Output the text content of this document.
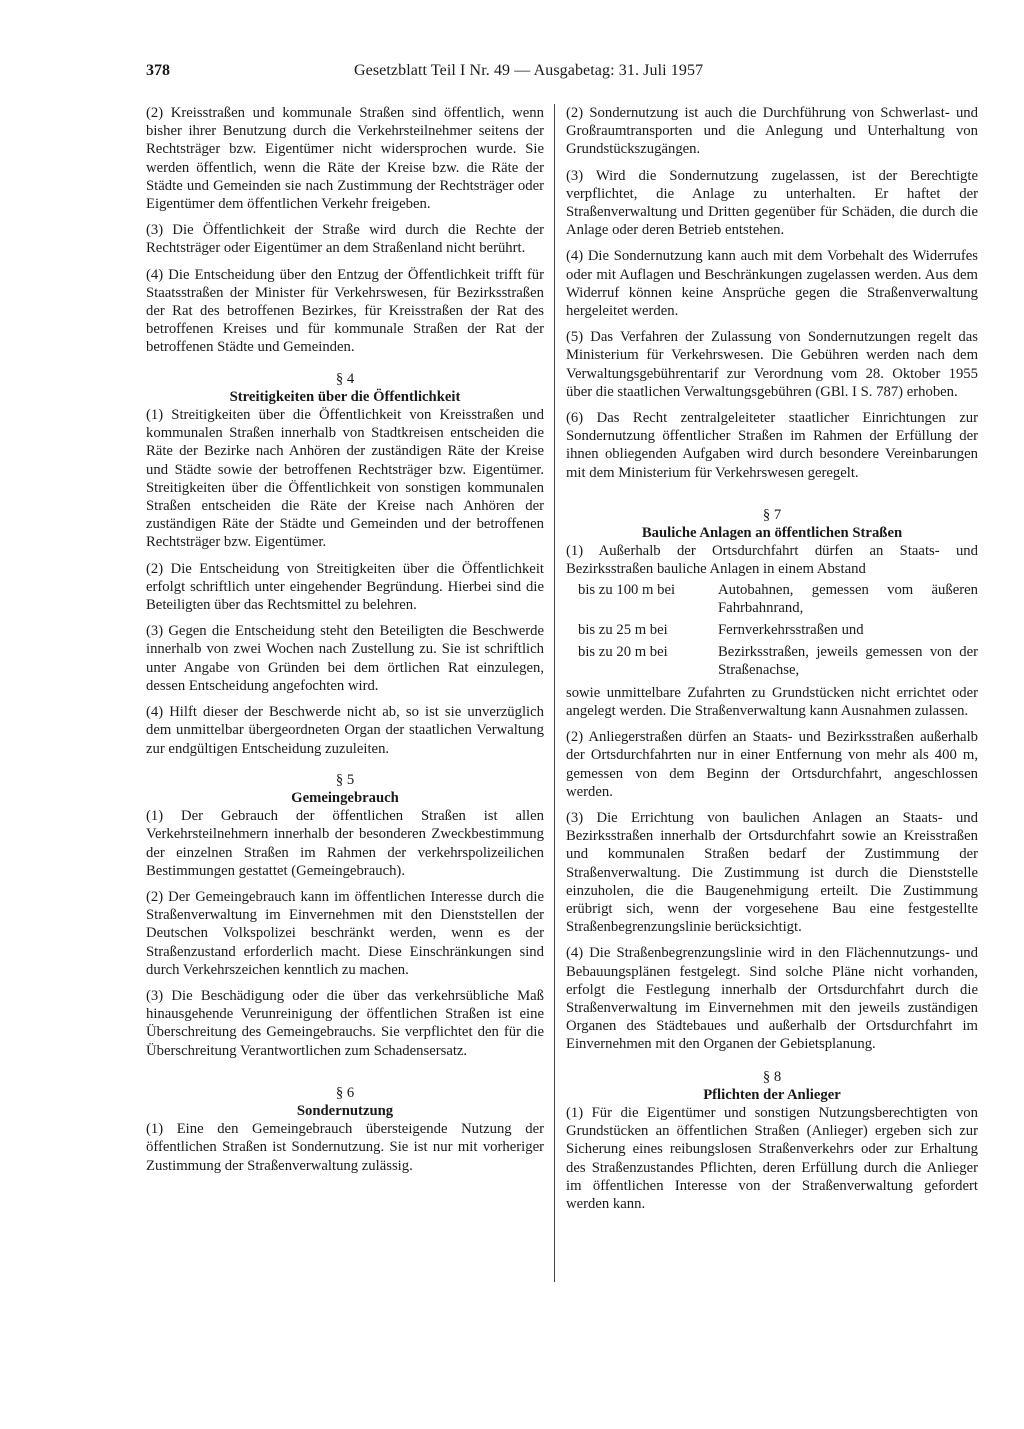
378	Gesetzblatt Teil I Nr. 49 — Ausgabetag: 31. Juli 1957

(2) Kreisstraßen und kommunale Straßen sind öffentlich, wenn bisher ihrer Benutzung durch die Verkehrsteilnehmer seitens der Rechtsträger bzw. Eigentümer nicht widersprochen wurde. Sie werden öffentlich, wenn die Räte der Kreise bzw. die Räte der Städte und Gemeinden sie nach Zustimmung der Rechtsträger oder Eigentümer dem öffentlichen Verkehr freigeben.

(3) Die Öffentlichkeit der Straße wird durch die Rechte der Rechtsträger oder Eigentümer an dem Straßenland nicht berührt.

(4) Die Entscheidung über den Entzug der Öffentlichkeit trifft für Staatsstraßen der Minister für Verkehrswesen, für Bezirksstraßen der Rat des betroffenen Bezirkes, für Kreisstraßen der Rat des betroffenen Kreises und für kommunale Straßen der Rat der betroffenen Städte und Gemeinden.

§ 4
Streitigkeiten über die Öffentlichkeit

(1) Streitigkeiten über die Öffentlichkeit von Kreisstraßen und kommunalen Straßen innerhalb von Stadtkreisen entscheiden die Räte der Bezirke nach Anhören der zuständigen Räte der Kreise und Städte sowie der betroffenen Rechtsträger bzw. Eigentümer. Streitigkeiten über die Öffentlichkeit von sonstigen kommunalen Straßen entscheiden die Räte der Kreise nach Anhören der zuständigen Räte der Städte und Gemeinden und der betroffenen Rechtsträger bzw. Eigentümer.

(2) Die Entscheidung von Streitigkeiten über die Öffentlichkeit erfolgt schriftlich unter eingehender Begründung. Hierbei sind die Beteiligten über das Rechtsmittel zu belehren.

(3) Gegen die Entscheidung steht den Beteiligten die Beschwerde innerhalb von zwei Wochen nach Zustellung zu. Sie ist schriftlich unter Angabe von Gründen bei dem örtlichen Rat einzulegen, dessen Entscheidung angefochten wird.

(4) Hilft dieser der Beschwerde nicht ab, so ist sie unverzüglich dem unmittelbar übergeordneten Organ der staatlichen Verwaltung zur endgültigen Entscheidung zuzuleiten.

§ 5
Gemeingebrauch

(1) Der Gebrauch der öffentlichen Straßen ist allen Verkehrsteilnehmern innerhalb der besonderen Zweckbestimmung der einzelnen Straßen im Rahmen der verkehrspolizeilichen Bestimmungen gestattet (Gemeingebrauch).

(2) Der Gemeingebrauch kann im öffentlichen Interesse durch die Straßenverwaltung im Einvernehmen mit den Dienststellen der Deutschen Volkspolizei beschränkt werden, wenn es der Straßenzustand erforderlich macht. Diese Einschränkungen sind durch Verkehrszeichen kenntlich zu machen.

(3) Die Beschädigung oder die über das verkehrsübliche Maß hinausgehende Verunreinigung der öffentlichen Straßen ist eine Überschreitung des Gemeingebrauchs. Sie verpflichtet den für die Überschreitung Verantwortlichen zum Schadensersatz.

§ 6
Sondernutzung

(1) Eine den Gemeingebrauch übersteigende Nutzung der öffentlichen Straßen ist Sondernutzung. Sie ist nur mit vorheriger Zustimmung der Straßenverwaltung zulässig.

(2) Sondernutzung ist auch die Durchführung von Schwerlast- und Großraumtransporten und die Anlegung und Unterhaltung von Grundstückszugängen.

(3) Wird die Sondernutzung zugelassen, ist der Berechtigte verpflichtet, die Anlage zu unterhalten. Er haftet der Straßenverwaltung und Dritten gegenüber für Schäden, die durch die Anlage oder deren Betrieb entstehen.

(4) Die Sondernutzung kann auch mit dem Vorbehalt des Widerrufes oder mit Auflagen und Beschränkungen zugelassen werden. Aus dem Widerruf können keine Ansprüche gegen die Straßenverwaltung hergeleitet werden.

(5) Das Verfahren der Zulassung von Sondernutzungen regelt das Ministerium für Verkehrswesen. Die Gebühren werden nach dem Verwaltungsgebührentarif zur Verordnung vom 28. Oktober 1955 über die staatlichen Verwaltungsgebühren (GBl. I S. 787) erhoben.

(6) Das Recht zentralgeleiteter staatlicher Einrichtungen zur Sondernutzung öffentlicher Straßen im Rahmen der Erfüllung der ihnen obliegenden Aufgaben wird durch besondere Vereinbarungen mit dem Ministerium für Verkehrswesen geregelt.

§ 7
Bauliche Anlagen an öffentlichen Straßen

(1) Außerhalb der Ortsdurchfahrt dürfen an Staats- und Bezirksstraßen bauliche Anlagen in einem Abstand

bis zu 100 m bei	Autobahnen, gemessen vom äußeren Fahrbahnrand,
bis zu 25 m bei	Fernverkehrsstraßen und
bis zu 20 m bei	Bezirksstraßen, jeweils gemessen von der Straßenachse,

sowie unmittelbare Zufahrten zu Grundstücken nicht errichtet oder angelegt werden. Die Straßenverwaltung kann Ausnahmen zulassen.

(2) Anliegerstraßen dürfen an Staats- und Bezirksstraßen außerhalb der Ortsdurchfahrten nur in einer Entfernung von mehr als 400 m, gemessen von dem Beginn der Ortsdurchfahrt, angeschlossen werden.

(3) Die Errichtung von baulichen Anlagen an Staats- und Bezirksstraßen innerhalb der Ortsdurchfahrt sowie an Kreisstraßen und kommunalen Straßen bedarf der Zustimmung der Straßenverwaltung. Die Zustimmung ist durch die Dienststelle einzuholen, die die Baugenehmigung erteilt. Die Zustimmung erübrigt sich, wenn der vorgesehene Bau eine festgestellte Straßenbegrenzungslinie berücksichtigt.

(4) Die Straßenbegrenzungslinie wird in den Flächennutzungs- und Bebauungsplänen festgelegt. Sind solche Pläne nicht vorhanden, erfolgt die Festlegung innerhalb der Ortsdurchfahrt durch die Straßenverwaltung im Einvernehmen mit den jeweils zuständigen Organen des Städtebaues und außerhalb der Ortsdurchfahrt im Einvernehmen mit den Organen der Gebietsplanung.

§ 8
Pflichten der Anlieger

(1) Für die Eigentümer und sonstigen Nutzungsberechtigten von Grundstücken an öffentlichen Straßen (Anlieger) ergeben sich zur Sicherung eines reibungslosen Straßenverkehrs oder zur Erhaltung des Straßenzustandes Pflichten, deren Erfüllung durch die Anlieger im öffentlichen Interesse von der Straßenverwaltung gefordert werden kann.
